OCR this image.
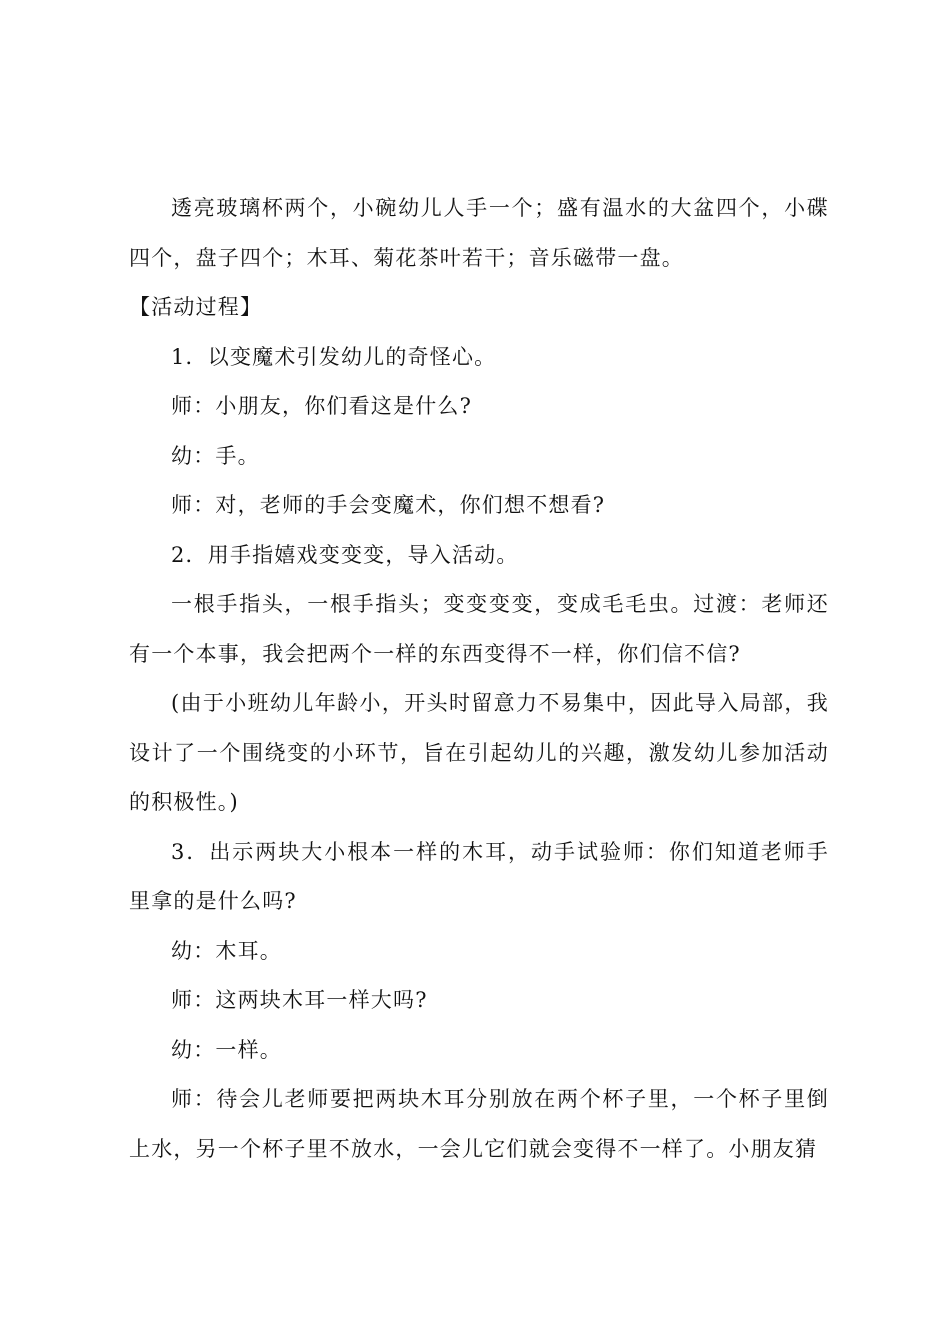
透亮玻璃杯两个，小碗幼儿人手一个；盛有温水的大盆四个，小碟四个，盘子四个；木耳、菊花茶叶若干；音乐磁带一盘。

【活动过程】

1．以变魔术引发幼儿的奇怪心。

师：小朋友，你们看这是什么?

幼：手。

师：对，老师的手会变魔术，你们想不想看?

2．用手指嬉戏变变变，导入活动。

一根手指头，一根手指头；变变变变，变成毛毛虫。过渡：老师还有一个本事，我会把两个一样的东西变得不一样，你们信不信?

(由于小班幼儿年龄小，开头时留意力不易集中，因此导入局部，我设计了一个围绕变的小环节，旨在引起幼儿的兴趣，激发幼儿参加活动的积极性。)

3．出示两块大小根本一样的木耳，动手试验师：你们知道老师手里拿的是什么吗?

幼：木耳。

师：这两块木耳一样大吗?

幼：一样。

师：待会儿老师要把两块木耳分别放在两个杯子里，一个杯子里倒上水，另一个杯子里不放水，一会儿它们就会变得不一样了。小朋友猜
